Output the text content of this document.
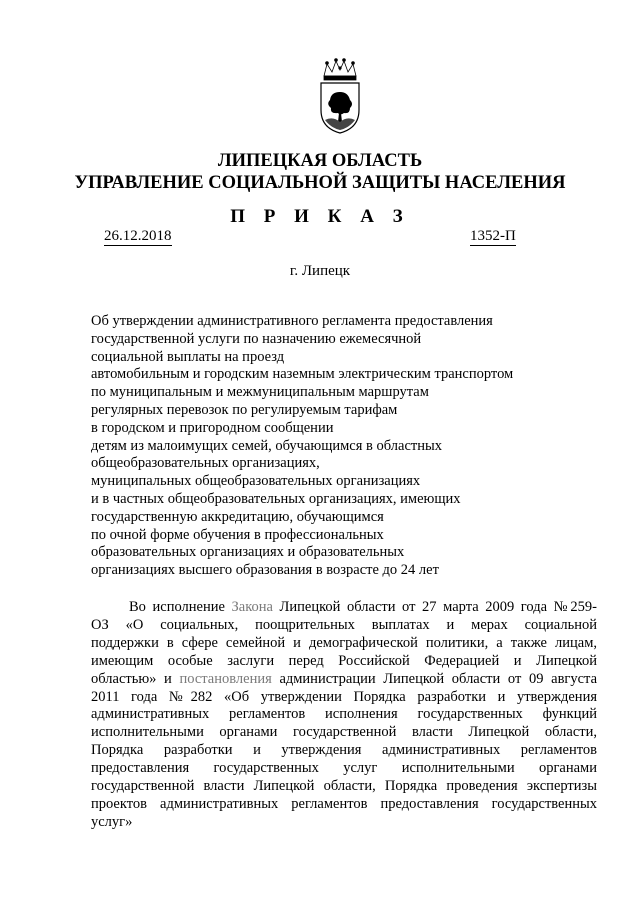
ЛИПЕЦКАЯ ОБЛАСТЬ
УПРАВЛЕНИЕ СОЦИАЛЬНОЙ ЗАЩИТЫ НАСЕЛЕНИЯ
П Р И К А З
26.12.2018	1352-П
г. Липецк
Об утверждении административного регламента предоставления
государственной услуги по назначению ежемесячной
социальной выплаты на проезд
автомобильным и городским наземным электрическим транспортом
по муниципальным и межмуниципальным маршрутам
регулярных перевозок по регулируемым тарифам
в городском и пригородном сообщении
детям из малоимущих семей, обучающимся в областных
общеобразовательных организациях,
муниципальных общеобразовательных организациях
и в частных общеобразовательных организациях, имеющих
государственную аккредитацию, обучающимся
по очной форме обучения в профессиональных
образовательных организациях и образовательных
организациях высшего образования в возрасте до 24 лет
Во исполнение Закона Липецкой области от 27 марта 2009 года №259-
ОЗ «О социальных, поощрительных выплатах и мерах социальной
поддержки в сфере семейной и демографической политики, а также лицам,
имеющим особые заслуги перед Российской Федерацией и Липецкой
областью» и постановления администрации Липецкой области от 09 августа
2011 года №282 «Об утверждении Порядка разработки и утверждения
административных регламентов исполнения государственных функций
исполнительными органами государственной власти Липецкой области,
Порядка разработки и утверждения административных регламентов
предоставления государственных услуг исполнительными органами
государственной власти Липецкой области, Порядка проведения экспертизы
проектов административных регламентов предоставления государственных
услуг»
